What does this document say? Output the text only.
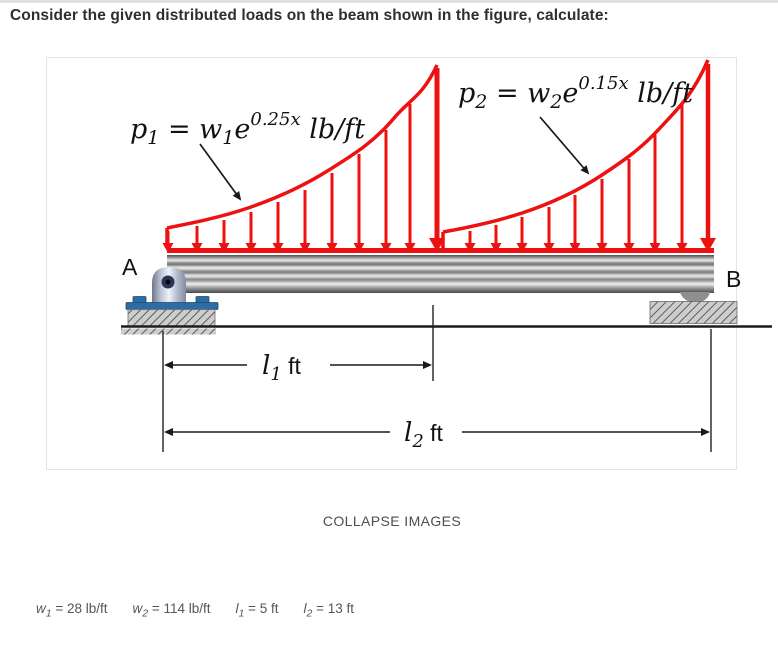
Consider the given distributed loads on the beam shown in the figure, calculate:
$p_1 = w_1e^{0.25x}$ lb/ft
$p_2 = w_2e^{0.15x}$ lb/ft
A	B
$l_1$ ft
$l_2$ ft
COLLAPSE IMAGES
$w_1 = 28$ lb/ft $w_2 = 114$ lb/ft $l_1 = 5$ ft $l_2 = 13$ ft
